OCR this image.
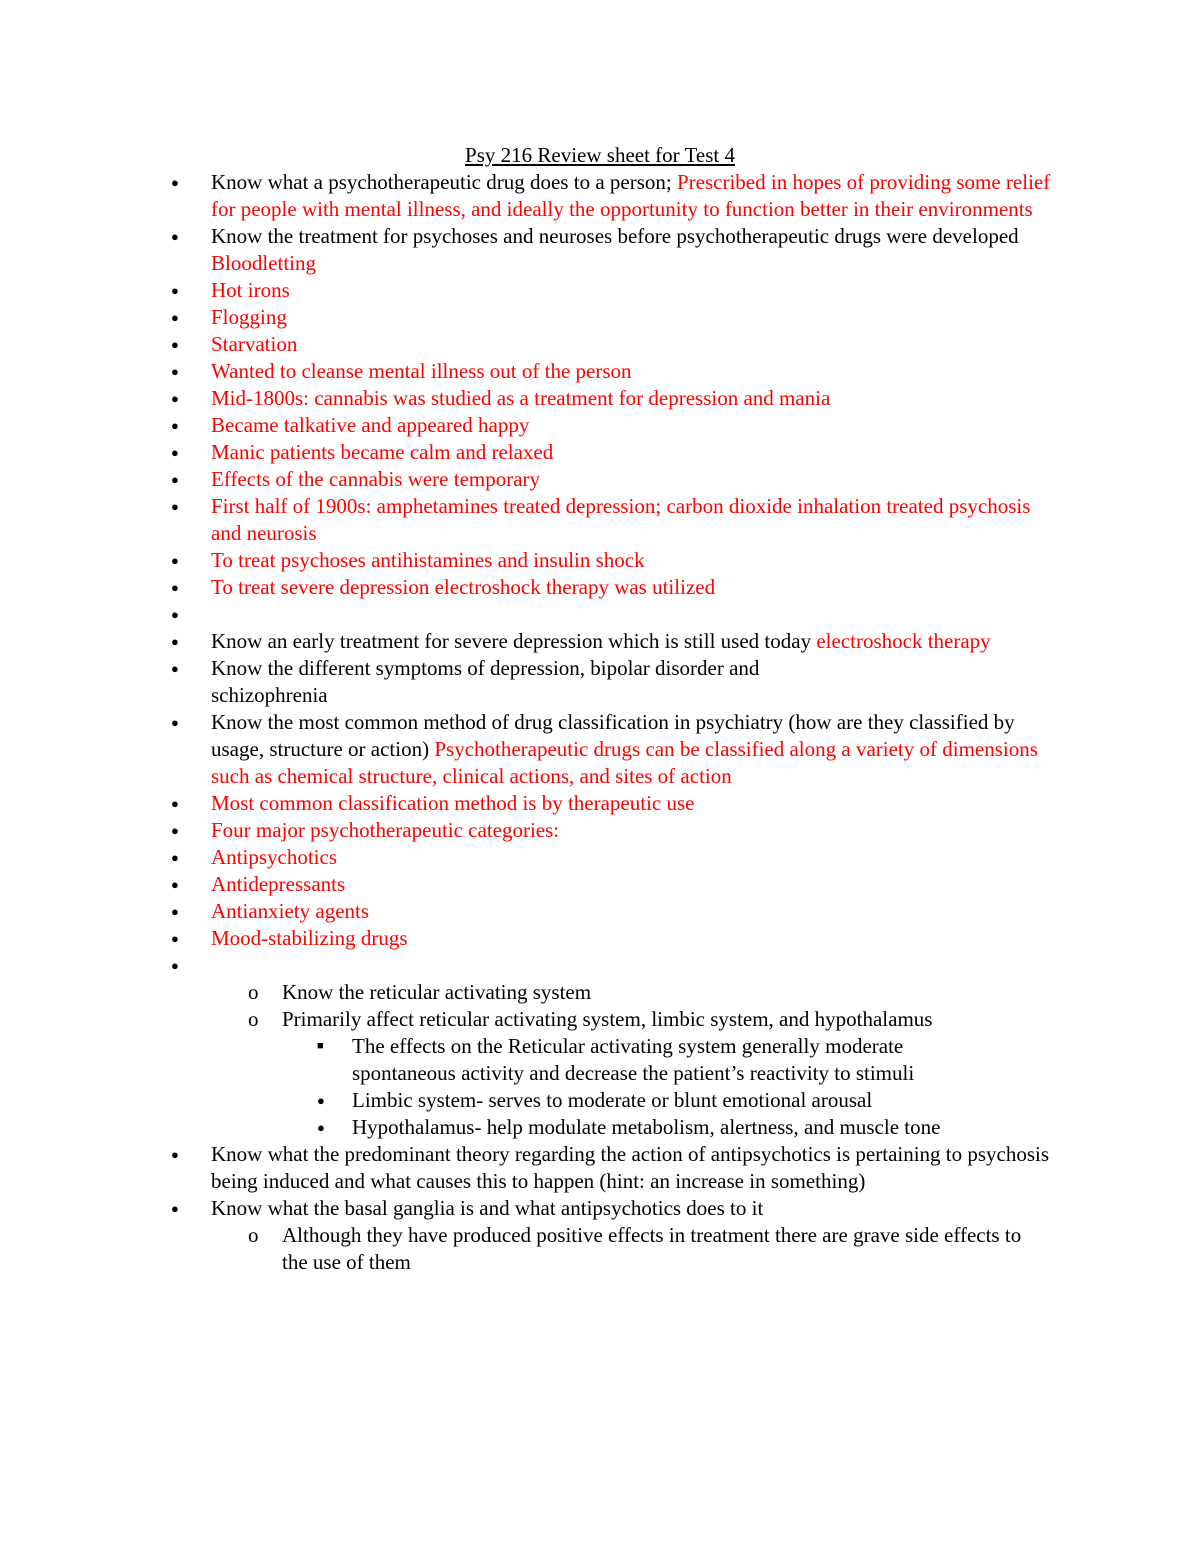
Psy 216 Review sheet for Test 4
● Know what a psychotherapeutic drug does to a person; Prescribed in hopes of providing some relief for people with mental illness, and ideally the opportunity to function better in their environments
● Know the treatment for psychoses and neuroses before psychotherapeutic drugs were developed Bloodletting
● Hot irons
● Flogging
● Starvation
● Wanted to cleanse mental illness out of the person
● Mid-1800s: cannabis was studied as a treatment for depression and mania
● Became talkative and appeared happy
● Manic patients became calm and relaxed
● Effects of the cannabis were temporary
● First half of 1900s: amphetamines treated depression; carbon dioxide inhalation treated psychosis and neurosis
● To treat psychoses antihistamines and insulin shock
● To treat severe depression electroshock therapy was utilized
●
● Know an early treatment for severe depression which is still used today electroshock therapy
● Know the different symptoms of depression, bipolar disorder and
schizophrenia
● Know the most common method of drug classification in psychiatry (how are they classified by usage, structure or action) Psychotherapeutic drugs can be classified along a variety of dimensions such as chemical structure, clinical actions, and sites of action
● Most common classification method is by therapeutic use
● Four major psychotherapeutic categories:
● Antipsychotics
● Antidepressants
● Antianxiety agents
● Mood-stabilizing drugs
●
o Know the reticular activating system
o Primarily affect reticular activating system, limbic system, and hypothalamus
■ The effects on the Reticular activating system generally moderate spontaneous activity and decrease the patient’s reactivity to stimuli
● Limbic system- serves to moderate or blunt emotional arousal
● Hypothalamus- help modulate metabolism, alertness, and muscle tone
● Know what the predominant theory regarding the action of antipsychotics is pertaining to psychosis being induced and what causes this to happen (hint: an increase in something)
● Know what the basal ganglia is and what antipsychotics does to it
o Although they have produced positive effects in treatment there are grave side effects to the use of them
